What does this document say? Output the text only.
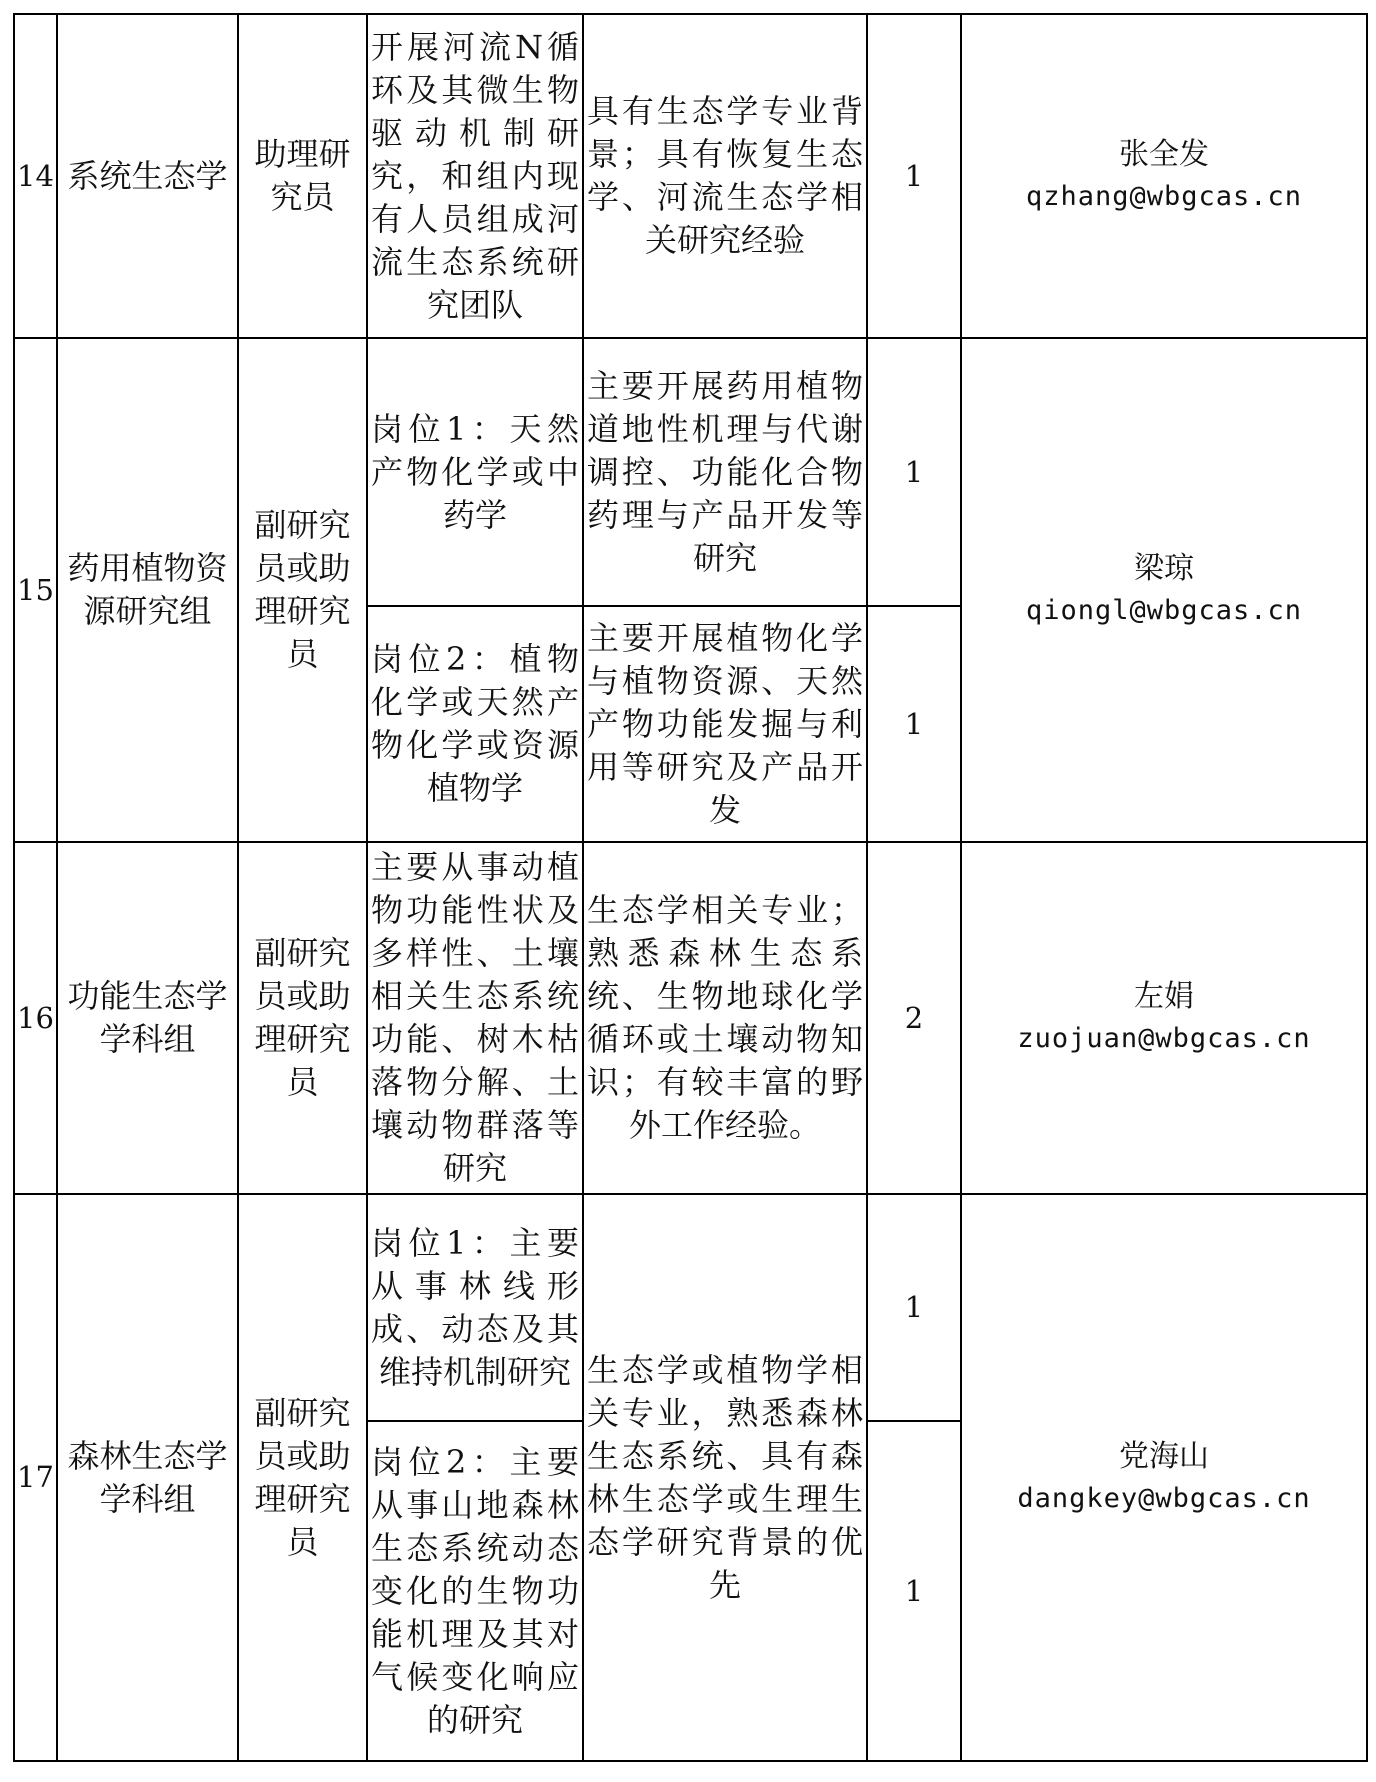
14	系统生态学	助理研究员	开展河流N循环及其微生物驱动机制研究，和组内现有人员组成河流生态系统研究团队	具有生态学专业背景；具有恢复生态学、河流生态学相关研究经验	1	张全发
qzhang@wbgcas.cn

15	药用植物资源研究组	副研究员或助理研究员	岗位1：天然产物化学或中药学	主要开展药用植物道地性机理与代谢调控、功能化合物药理与产品开发等研究	1	梁琼
qiongl@wbgcas.cn

			岗位2：植物化学或天然产物化学或资源植物学	主要开展植物化学与植物资源、天然产物功能发掘与利用等研究及产品开发	1	
16	功能生态学学科组	副研究员或助理研究员	主要从事动植物功能性状及多样性、土壤相关生态系统功能、树木枯落物分解、土壤动物群落等研究	生态学相关专业；熟悉森林生态系统、生物地球化学循环或土壤动物知识；有较丰富的野外工作经验。	2	左娟
zuojuan@wbgcas.cn

17	森林生态学学科组	副研究员或助理研究员	岗位1：主要从事林线形成、动态及其维持机制研究	生态学或植物学相关专业，熟悉森林生态系统、具有森林生态学或生理生态学研究背景的优先	1	党海山
dangkey@wbgcas.cn

			岗位2：主要从事山地森林生态系统动态变化的生物功能机理及其对气候变化响应的研究		1	
